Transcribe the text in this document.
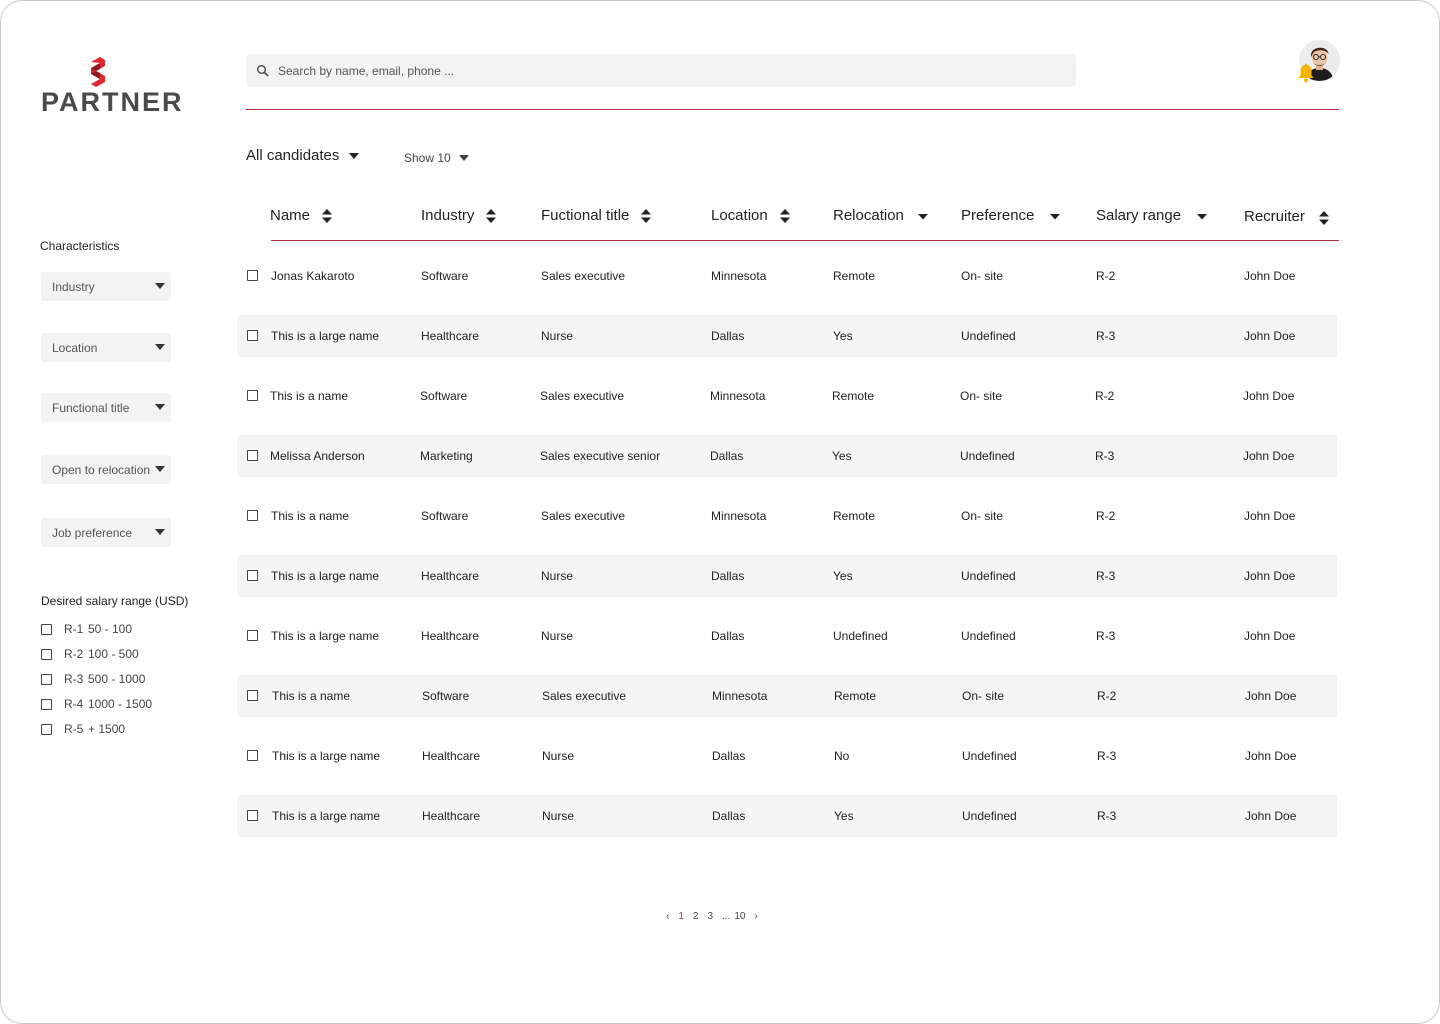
PARTNER
Search by name, email, phone ...
All candidates	Show 10
Characteristics
Industry
Location
Functional title
Open to relocation
Job preference
Desired salary range (USD)
R-1 50 - 100
R-2 100 - 500
R-3 500 - 1000
R-4 1000 - 1500
R-5 + 1500
Name	Industry	Fuctional title	Location	Relocation	Preference	Salary range	Recruiter
Jonas Kakaroto	Software	Sales executive	Minnesota	Remote	On- site	R-2	John Doe
This is a large name	Healthcare	Nurse	Dallas	Yes	Undefined	R-3	John Doe
This is a name	Software	Sales executive	Minnesota	Remote	On- site	R-2	John Doe
Melissa Anderson	Marketing	Sales executive senior	Dallas	Yes	Undefined	R-3	John Doe
This is a name	Software	Sales executive	Minnesota	Remote	On- site	R-2	John Doe
This is a large name	Healthcare	Nurse	Dallas	Yes	Undefined	R-3	John Doe
This is a large name	Healthcare	Nurse	Dallas	Undefined	Undefined	R-3	John Doe
This is a name	Software	Sales executive	Minnesota	Remote	On- site	R-2	John Doe
This is a large name	Healthcare	Nurse	Dallas	No	Undefined	R-3	John Doe
This is a large name	Healthcare	Nurse	Dallas	Yes	Undefined	R-3	John Doe
‹ 1 2 3 ... 10 ›
